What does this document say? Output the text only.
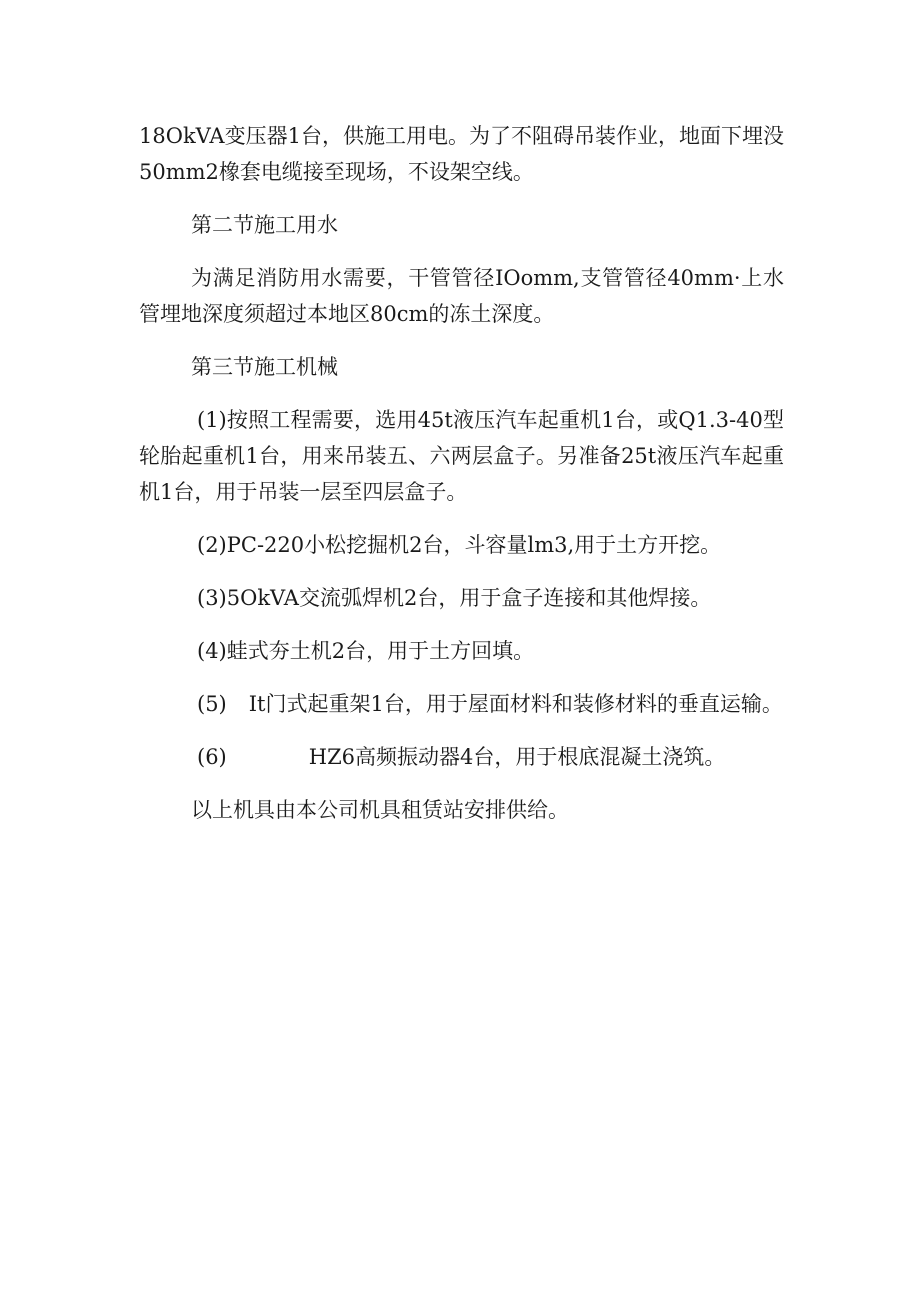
18OkVA变压器1台，供施工用电。为了不阻碍吊装作业，地面下埋没50mm2橡套电缆接至现场，不设架空线。

第二节施工用水

为满足消防用水需要，干管管径IOomm,支管管径40mm·上水管埋地深度须超过本地区80cm的冻土深度。

第三节施工机械

(1)按照工程需要，选用45t液压汽车起重机1台，或Q1.3-40型轮胎起重机1台，用来吊装五、六两层盒子。另准备25t液压汽车起重机1台，用于吊装一层至四层盒子。

(2)PC-220小松挖掘机2台，斗容量lm3,用于土方开挖。

(3)5OkVA交流弧焊机2台，用于盒子连接和其他焊接。

(4)蛙式夯土机2台，用于土方回填。

(5) It门式起重架1台，用于屋面材料和装修材料的垂直运输。

(6)	HZ6高频振动器4台，用于根底混凝土浇筑。

以上机具由本公司机具租赁站安排供给。
